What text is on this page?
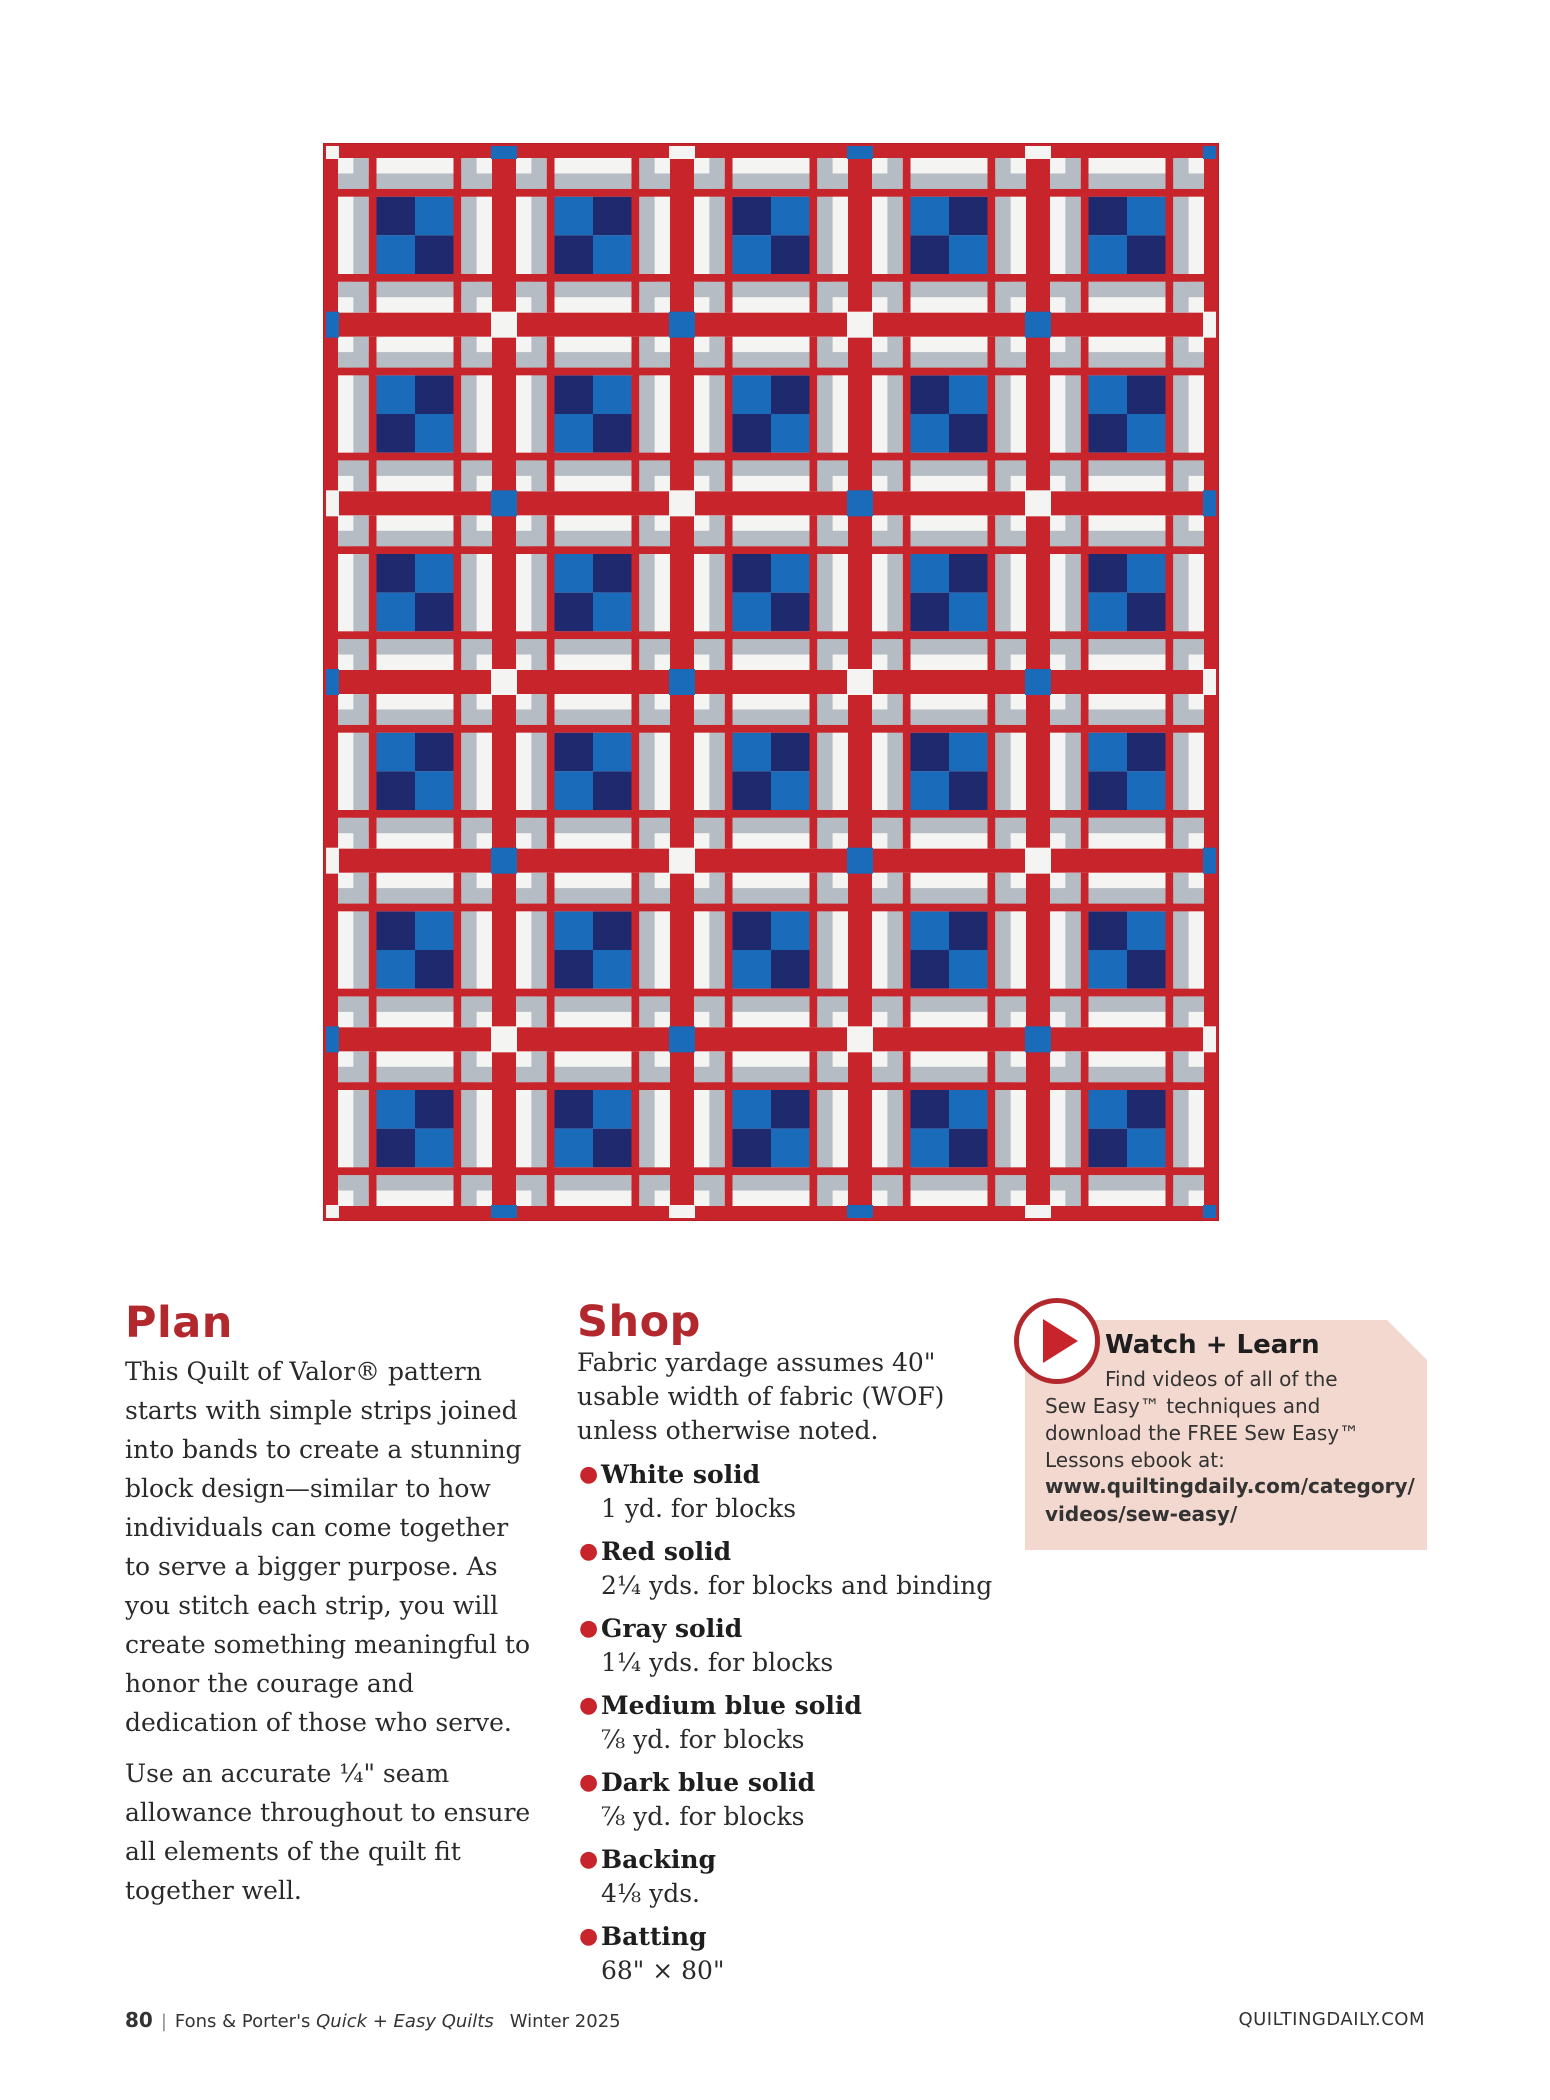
Plan

This Quilt of Valor® pattern starts with simple strips joined into bands to create a stunning block design—similar to how individuals can come together to serve a bigger purpose. As you stitch each strip, you will create something meaningful to honor the courage and dedication of those who serve.

Use an accurate ¼" seam allowance throughout to ensure all elements of the quilt fit together well.

Shop
Fabric yardage assumes 40" usable width of fabric (WOF) unless otherwise noted.
● White solid
1 yd. for blocks
● Red solid
2¼ yds. for blocks and binding
● Gray solid
1¼ yds. for blocks
● Medium blue solid
⅞ yd. for blocks
● Dark blue solid
⅞ yd. for blocks
● Backing
4⅛ yds.
● Batting
68" × 80"
Watch + Learn
Find videos of all of the
Sew Easy™ techniques and download the FREE Sew Easy™ Lessons ebook at:
www.quiltingdaily.com/category/videos/sew-easy/
80 | Fons & Porter's Quick + Easy Quilts Winter 2025	QUILTINGDAILY.COM
